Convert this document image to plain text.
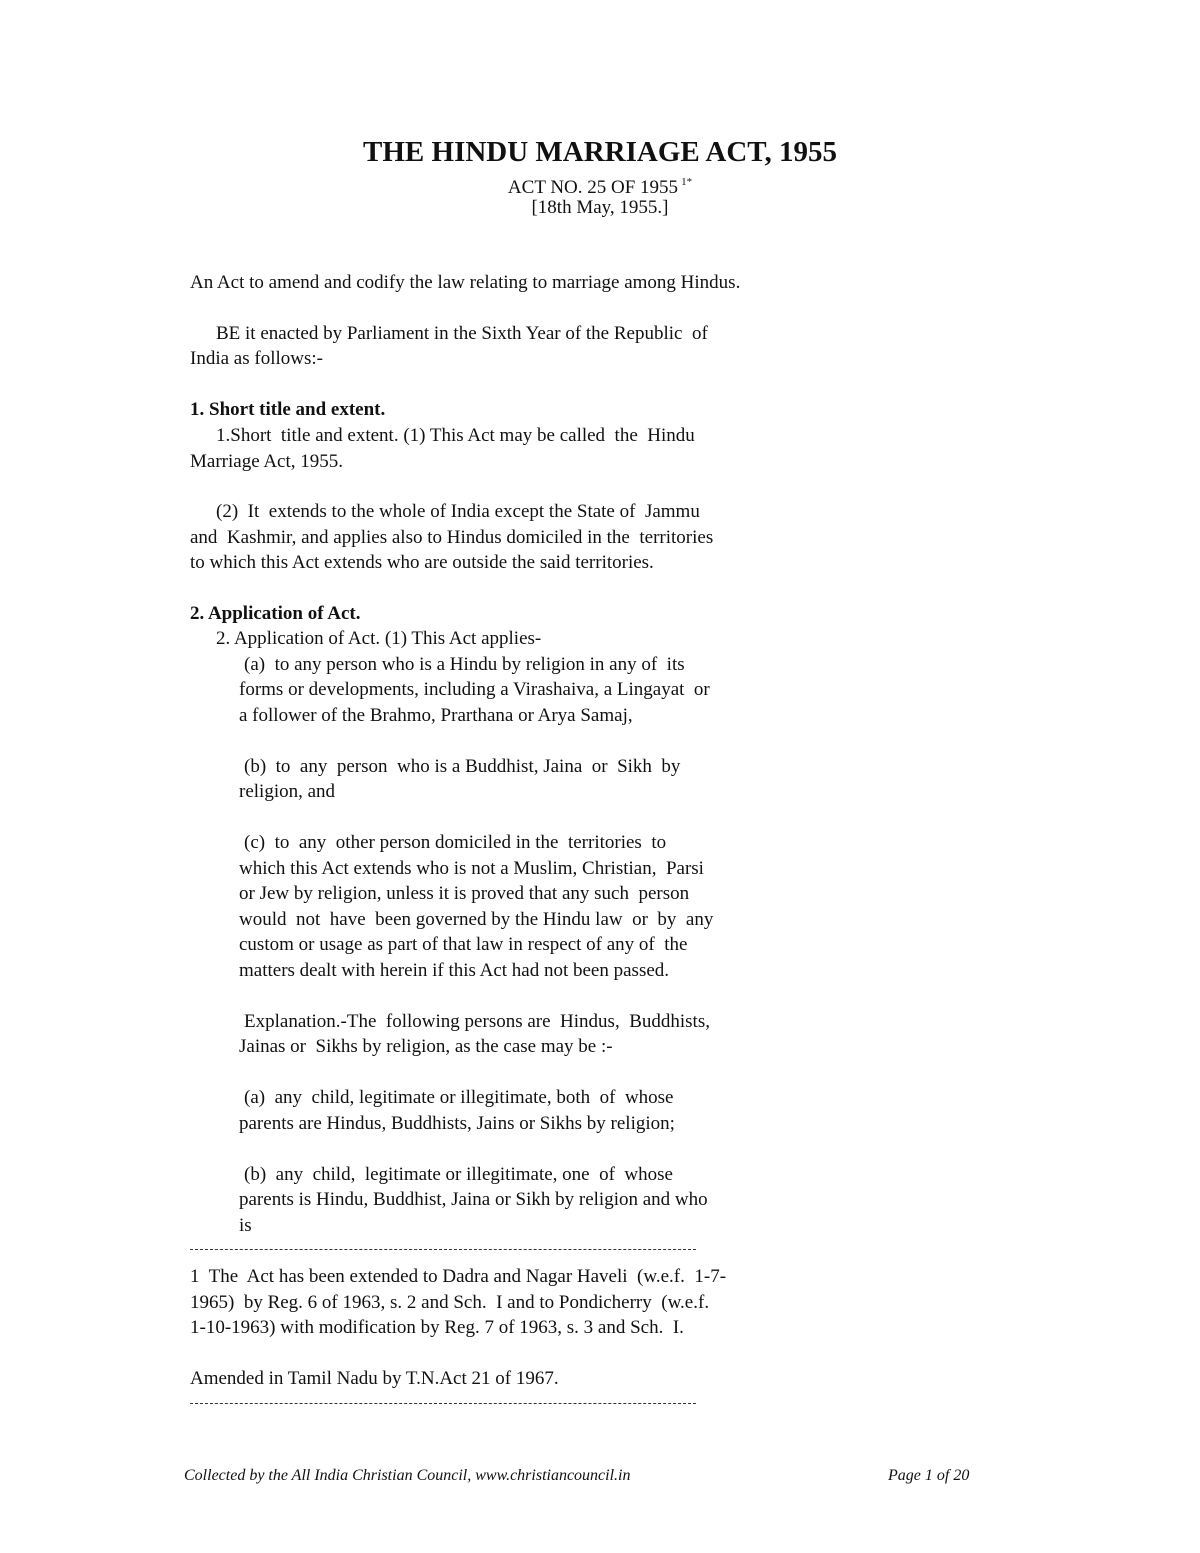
THE HINDU MARRIAGE ACT, 1955
ACT NO. 25 OF 1955 $^{1*}$
[18th May, 1955.]
An Act to amend and codify the law relating to marriage among Hindus.
BE it enacted by Parliament in the Sixth Year of the Republic  of
India as follows:-
1. Short title and extent.
1.Short  title and extent. (1) This Act may be called  the  Hindu
Marriage Act, 1955.
(2)  It  extends to the whole of India except the State of  Jammu
and  Kashmir, and applies also to Hindus domiciled in the  territories
to which this Act extends who are outside the said territories.
2. Application of Act.
2. Application of Act. (1) This Act applies-
(a)  to any person who is a Hindu by religion in any of  its
forms or developments, including a Virashaiva, a Lingayat  or
a follower of the Brahmo, Prarthana or Arya Samaj,
(b)  to  any  person  who is a Buddhist, Jaina  or  Sikh  by
religion, and
(c)  to  any  other person domiciled in the  territories  to
which this Act extends who is not a Muslim, Christian,  Parsi
or Jew by religion, unless it is proved that any such  person
would  not  have  been governed by the Hindu law  or  by  any
custom or usage as part of that law in respect of any of  the
matters dealt with herein if this Act had not been passed.
Explanation.-The  following persons are  Hindus,  Buddhists,
Jainas or  Sikhs by religion, as the case may be :-
(a)  any  child, legitimate or illegitimate, both  of  whose
parents are Hindus, Buddhists, Jains or Sikhs by religion;
(b)  any  child,  legitimate or illegitimate, one  of  whose
parents is Hindu, Buddhist, Jaina or Sikh by religion and who
is
1  The  Act has been extended to Dadra and Nagar Haveli  (w.e.f.  1-7-
1965)  by Reg. 6 of 1963, s. 2 and Sch.  I and to Pondicherry  (w.e.f.
1-10-1963) with modification by Reg. 7 of 1963, s. 3 and Sch.  I.
Amended in Tamil Nadu by T.N.Act 21 of 1967.
Collected by the All India Christian Council, www.christiancouncil.in	Page 1 of 20
